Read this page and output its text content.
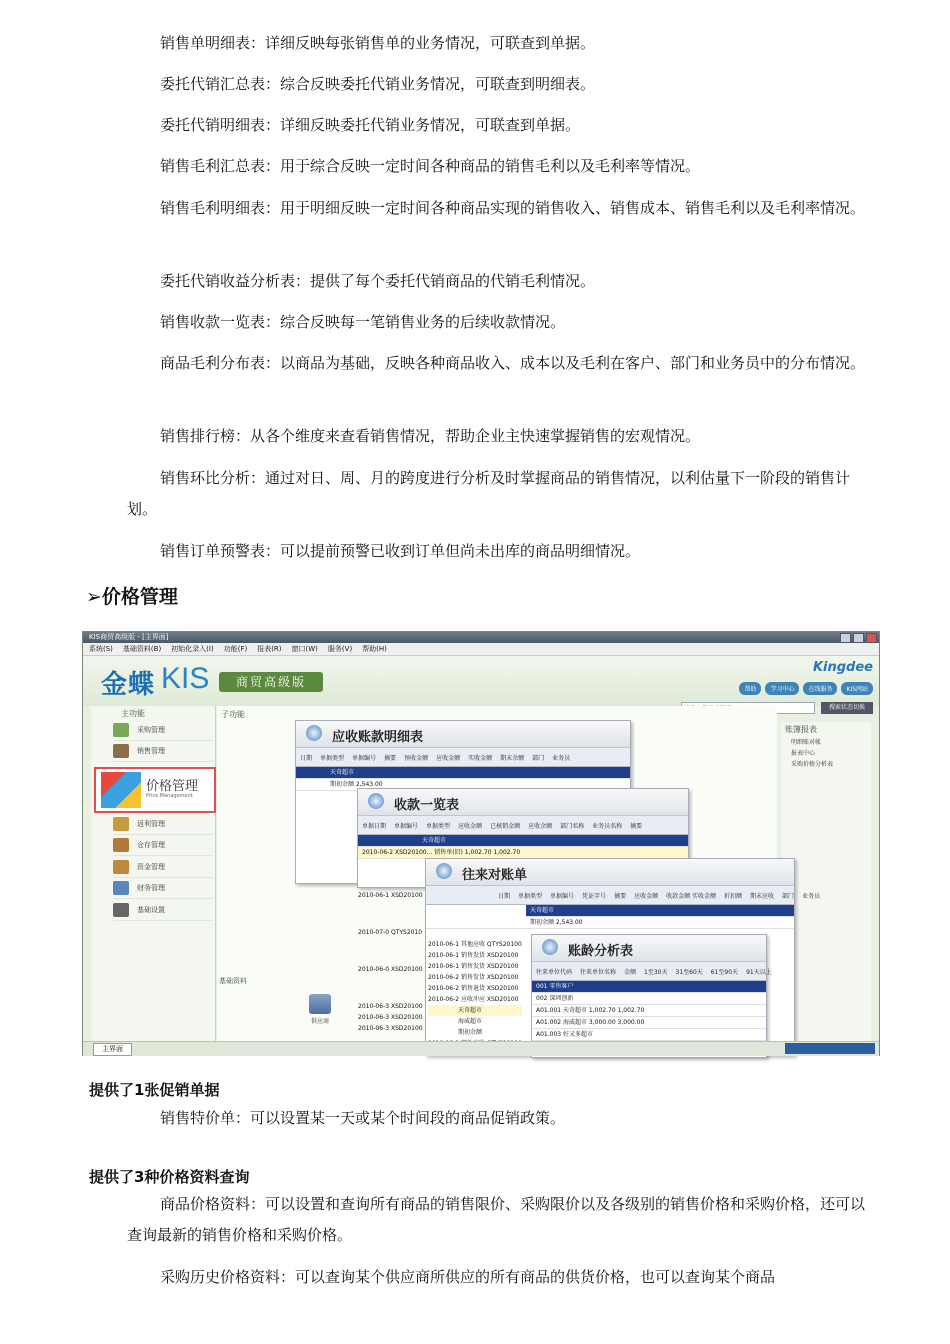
销售单明细表：详细反映每张销售单的业务情况，可联查到单据。
委托代销汇总表：综合反映委托代销业务情况，可联查到明细表。
委托代销明细表：详细反映委托代销业务情况，可联查到单据。
销售毛利汇总表：用于综合反映一定时间各种商品的销售毛利以及毛利率等情况。
销售毛利明细表：用于明细反映一定时间各种商品实现的销售收入、销售成本、销售毛利以及毛利率情况。
委托代销收益分析表：提供了每个委托代销商品的代销毛利情况。
销售收款一览表：综合反映每一笔销售业务的后续收款情况。
商品毛利分布表：以商品为基础，反映各种商品收入、成本以及毛利在客户、部门和业务员中的分布情况。
销售排行榜：从各个维度来查看销售情况，帮助企业主快速掌握销售的宏观情况。
销售环比分析：通过对日、周、月的跨度进行分析及时掌握商品的销售情况，以利估量下一阶段的销售计划。
销售订单预警表：可以提前预警已收到订单但尚未出库的商品明细情况。
➢价格管理
KIS商贸高级版 - [主界面]
系统(S) 基础资料(B) 初始化录入(I) 功能(F) 报表(R) 窗口(W) 服务(V) 帮助(H)
金蝶 KIS	商贸高级版
Kingdee
帮助	学习中心	在线服务	KIS网站
搜索状态切换
主功能
采购管理
销售管理
价格管理
Price Management
返利管理
仓存管理
资金管理
财务管理
基础设置
子功能
基础资料
供应商
账簿报表
明细账对帐
报表中心
采购价格分析表
应收账款明细表
日期	单据类型	单据编号	摘要	预收金额	应收金额	实收金额	期末余额	部门	业务员
天奇超市
期初余额 2,543.00
收款一览表
单据日期	单据编号	单据类型	应收金额	已核销金额	应收余额	部门名称	业务员名称	摘要
天奇超市
2010-06-2 XSD20100... 销售单(旧) 1,002.70 1,002.70
2010-06-1 XSD20100
2010-07-0 QTYS2010
2010-06-0 XSD20100
2010-06-3 XSD20100
2010-06-3 XSD20100
2010-06-3 XSD20100
往来对账单
日期	单据类型	单据编号	凭证字号	摘要	应收金额	收款金额 实收金额	折扣额	期末应收	部门	业务员
天奇超市
期初余额 2,543.00
2010-06-1 其他应收 QTYS20100
2010-06-1 销售发货 XSD20100
2010-06-1 销售发货 XSD20100
2010-06-2 销售发货 XSD20100
2010-06-2 销售退货 XSD20100
2010-06-2 应收冲应 XSD20100
天奇超市
海威超市
期初余额
账龄分析表
往来单位代码	往来单位名称	金额	1至30天	31至60天	61至90天	91天以上
001 零售客户
002 深圳创新
A01.001 天奇超市 1,002.70 1,002.70
A01.002 海威超市 3,000.00 3,000.00
A01.003 好又多超市
主界面
提供了1张促销单据
销售特价单：可以设置某一天或某个时间段的商品促销政策。
提供了3种价格资料查询
商品价格资料：可以设置和查询所有商品的销售限价、采购限价以及各级别的销售价格和采购价格，还可以查询最新的销售价格和采购价格。
采购历史价格资料：可以查询某个供应商所供应的所有商品的供货价格，也可以查询某个商品
